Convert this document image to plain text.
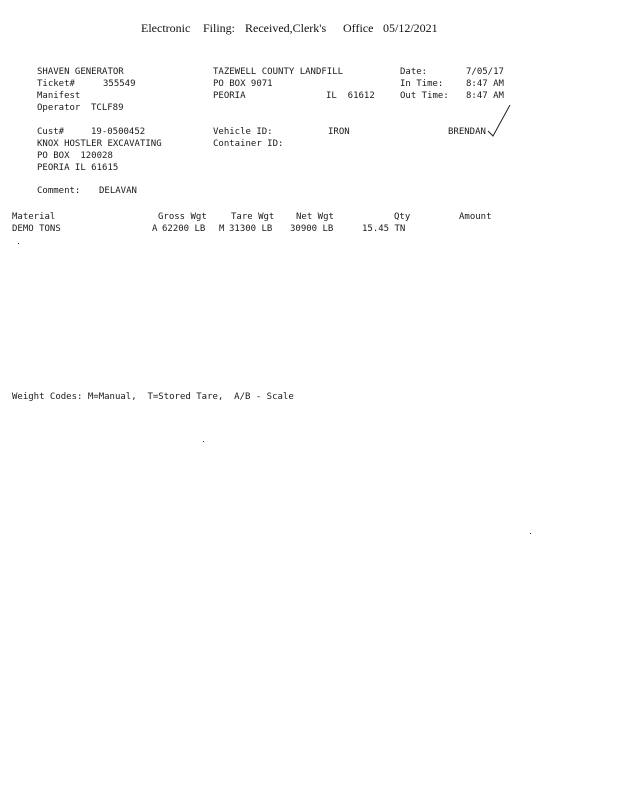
Electronic Filing: Received,Clerk's Office 05/12/2021
SHAVEN GENERATOR
Ticket#	355549
Manifest
Operator TCLF89
TAZEWELL COUNTY LANDFILL
PO BOX 9071
PEORIA	IL  61612
Date:	7/05/17
In Time:	8:47 AM
Out Time: 8:47 AM
Cust#	19-0500452
KNOX HOSTLER EXCAVATING
PO BOX  120028
PEORIA IL 61615
Vehicle ID:	IRON
Container ID:
BRENDAN
Comment: DELAVAN
Material	Gross Wgt	Tare Wgt Net Wgt	Qty	Amount
DEMO TONS	A 62200 LB M 31300 LB 30900 LB	15.45 TN
Weight Codes: M=Manual,  T=Stored Tare,  A/B - Scale
